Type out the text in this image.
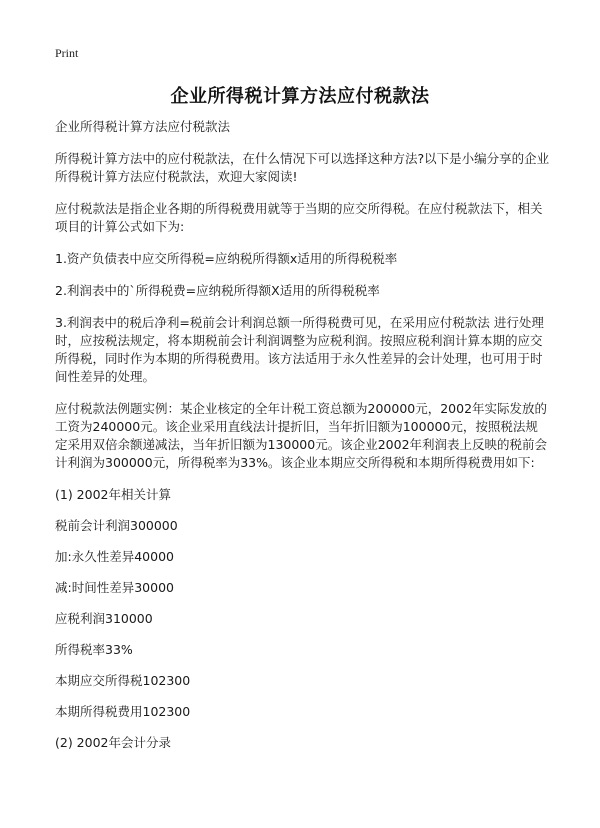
Print
企业所得税计算方法应付税款法

企业所得税计算方法应付税款法

所得税计算方法中的应付税款法，在什么情况下可以选择这种方法?以下是小编分享的企业所得税计算方法应付税款法，欢迎大家阅读!

应付税款法是指企业各期的所得税费用就等于当期的应交所得税。在应付税款法下，相关项目的计算公式如下为:

1.资产负债表中应交所得税=应纳税所得额x适用的所得税税率

2.利润表中的`所得税费=应纳税所得额X适用的所得税税率

3.利润表中的税后净利=税前会计利润总额一所得税费可见，在采用应付税款法 进行处理时，应按税法规定，将本期税前会计利润调整为应税利润。按照应税利润计算本期的应交所得税，同时作为本期的所得税费用。该方法适用于永久性差异的会计处理，也可用于时间性差异的处理。

应付税款法例题实例：某企业核定的全年计税工资总额为200000元，2002年实际发放的工资为240000元。该企业采用直线法计提折旧，当年折旧额为100000元，按照税法规定采用双倍余额递减法，当年折旧额为130000元。该企业2002年利润表上反映的税前会计利润为300000元，所得税率为33%。该企业本期应交所得税和本期所得税费用如下:

(1) 2002年相关计算

税前会计利润300000

加:永久性差异40000

减:时间性差异30000

应税利润310000

所得税率33%

本期应交所得税102300

本期所得税费用102300

(2) 2002年会计分录
